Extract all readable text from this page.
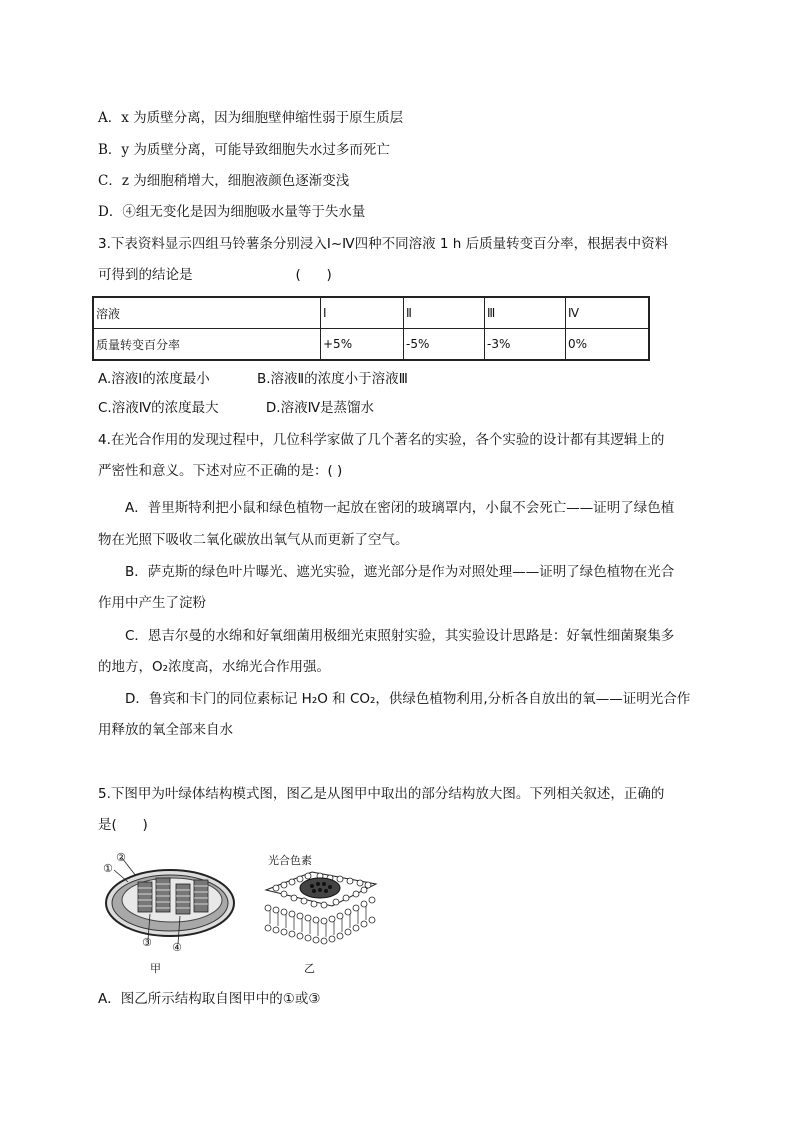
A．x 为质壁分离，因为细胞壁伸缩性弱于原生质层
B．y 为质壁分离，可能导致细胞失水过多而死亡
C．z 为细胞稍增大，细胞液颜色逐渐变浅
D．④组无变化是因为细胞吸水量等于失水量
3.下表资料显示四组马铃薯条分别浸入Ⅰ~Ⅳ四种不同溶液 1 h 后质量转变百分率，根据表中资料
可得到的结论是                        (      )
溶液	Ⅰ	Ⅱ	Ⅲ	Ⅳ
质量转变百分率	+5%	-5%	-3%	0%
A.溶液Ⅰ的浓度最小           B.溶液Ⅱ的浓度小于溶液Ⅲ
C.溶液Ⅳ的浓度最大           D.溶液Ⅳ是蒸馏水
4.在光合作用的发现过程中，几位科学家做了几个著名的实验，各个实验的设计都有其逻辑上的
严密性和意义。下述对应不正确的是：( )
A．普里斯特利把小鼠和绿色植物一起放在密闭的玻璃罩内，小鼠不会死亡——证明了绿色植
物在光照下吸收二氧化碳放出氧气从而更新了空气。
B．萨克斯的绿色叶片曝光、遮光实验，遮光部分是作为对照处理——证明了绿色植物在光合
作用中产生了淀粉
C．恩吉尔曼的水绵和好氧细菌用极细光束照射实验，其实验设计思路是：好氧性细菌聚集多
的地方，O₂浓度高，水绵光合作用强。
D．鲁宾和卡门的同位素标记 H₂O 和 CO₂，供绿色植物利用,分析各自放出的氧——证明光合作
用释放的氧全部来自水
5.下图甲为叶绿体结构模式图，图乙是从图甲中取出的部分结构放大图。下列相关叙述，正确的
是(      )
①
②
③ ④
甲
光合色素
乙
A．图乙所示结构取自图甲中的①或③
